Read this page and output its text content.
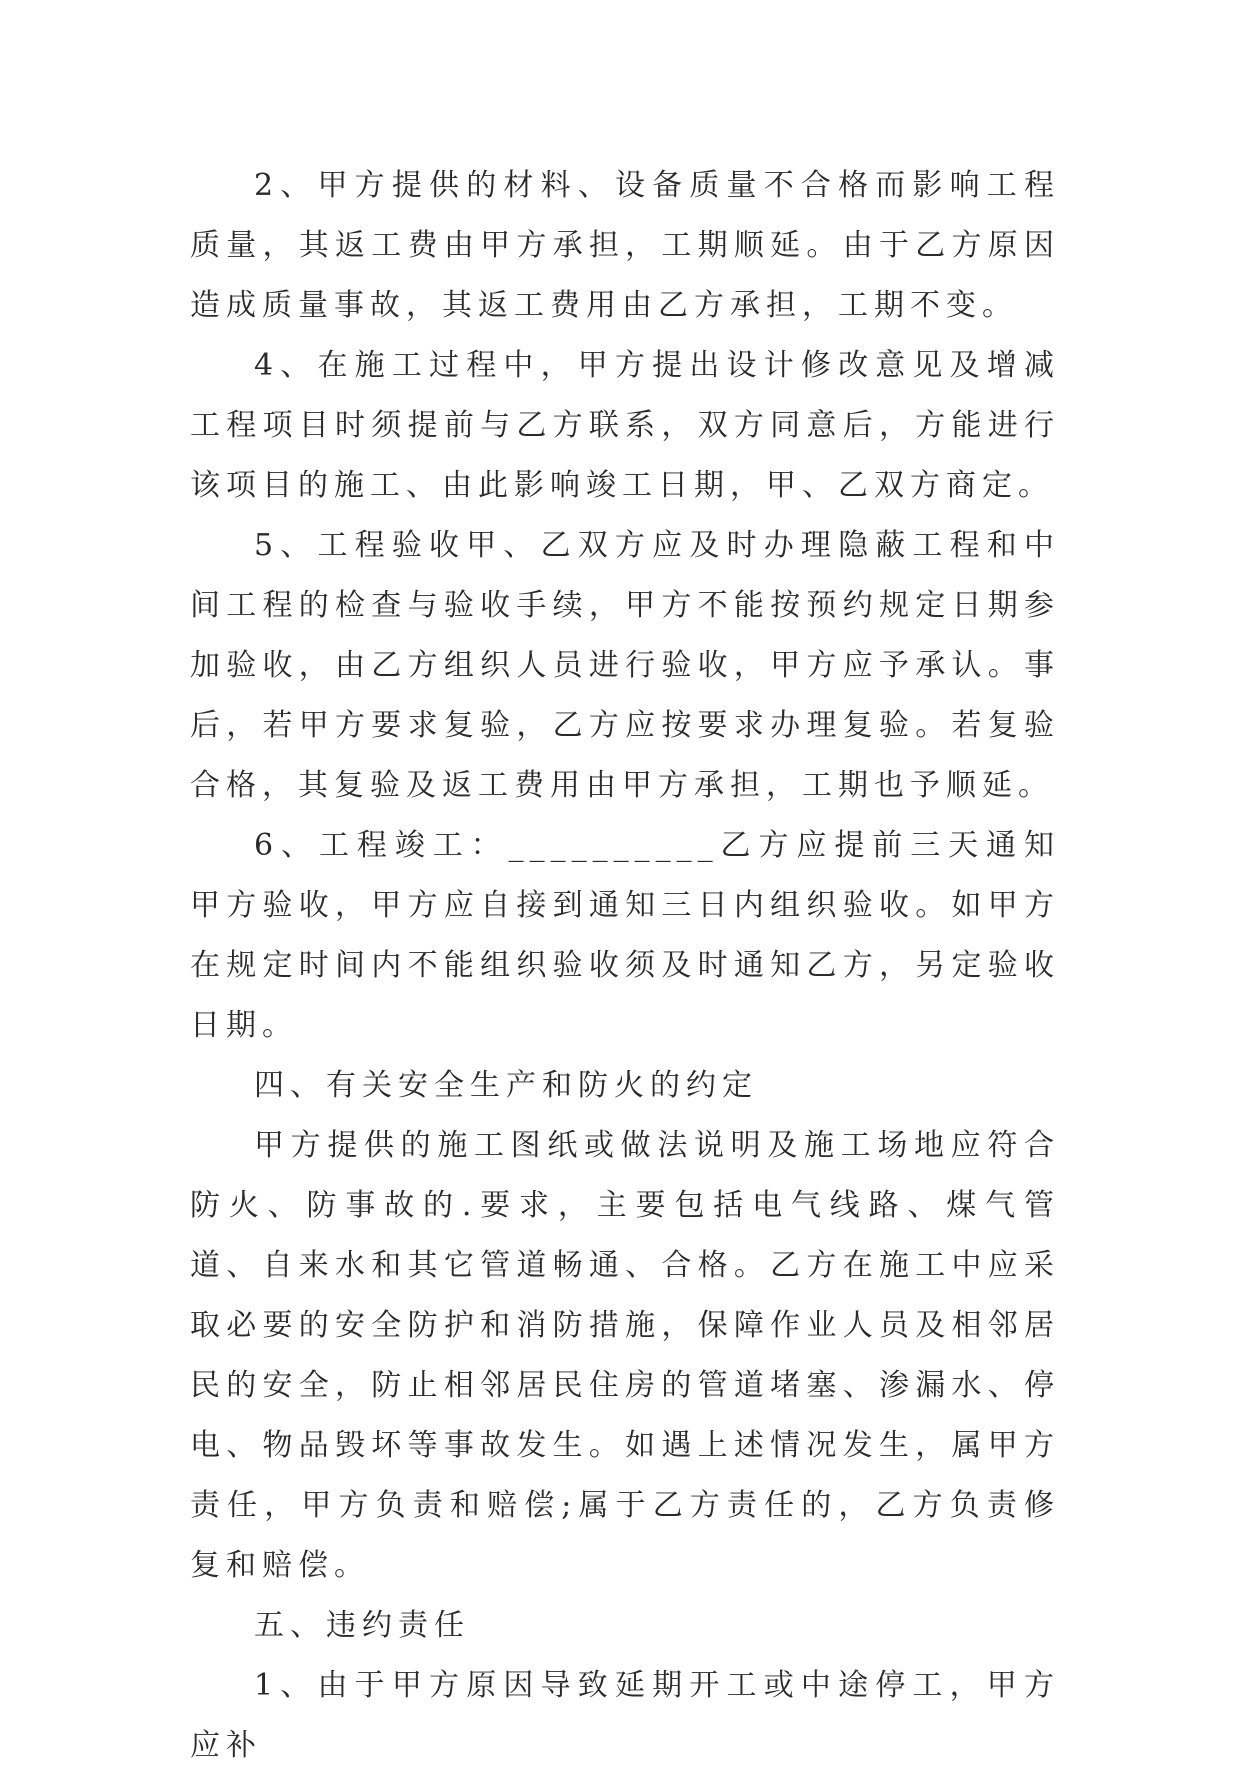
2、甲方提供的材料、设备质量不合格而影响工程质量，其返工费由甲方承担，工期顺延。由于乙方原因造成质量事故，其返工费用由乙方承担，工期不变。

4、在施工过程中，甲方提出设计修改意见及增减工程项目时须提前与乙方联系，双方同意后，方能进行该项目的施工、由此影响竣工日期，甲、乙双方商定。

5、工程验收甲、乙双方应及时办理隐蔽工程和中间工程的检查与验收手续，甲方不能按预约规定日期参加验收，由乙方组织人员进行验收，甲方应予承认。事后，若甲方要求复验，乙方应按要求办理复验。若复验合格，其复验及返工费用由甲方承担，工期也予顺延。

6、工程竣工：__________乙方应提前三天通知甲方验收，甲方应自接到通知三日内组织验收。如甲方在规定时间内不能组织验收须及时通知乙方，另定验收日期。

四、有关安全生产和防火的约定

甲方提供的施工图纸或做法说明及施工场地应符合防火、防事故的.要求，主要包括电气线路、煤气管道、自来水和其它管道畅通、合格。乙方在施工中应采取必要的安全防护和消防措施，保障作业人员及相邻居民的安全，防止相邻居民住房的管道堵塞、渗漏水、停电、物品毁坏等事故发生。如遇上述情况发生，属甲方责任，甲方负责和赔偿;属于乙方责任的，乙方负责修复和赔偿。

五、违约责任

1、由于甲方原因导致延期开工或中途停工，甲方应补
